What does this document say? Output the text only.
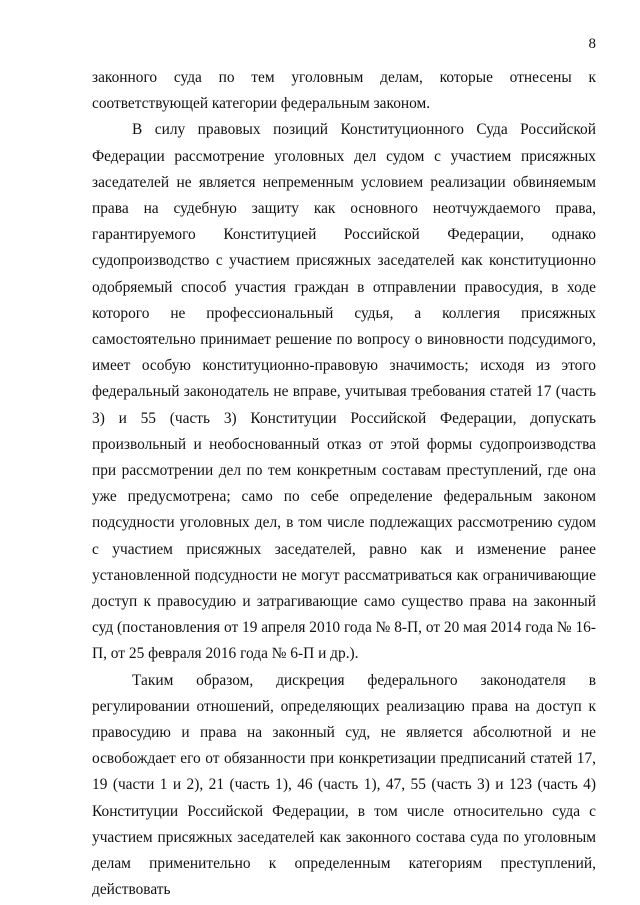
8

законного суда по тем уголовным делам, которые отнесены к соответствующей категории федеральным законом.

В силу правовых позиций Конституционного Суда Российской Федерации рассмотрение уголовных дел судом с участием присяжных заседателей не является непременным условием реализации обвиняемым права на судебную защиту как основного неотчуждаемого права, гарантируемого Конституцией Российской Федерации, однако судопроизводство с участием присяжных заседателей как конституционно одобряемый способ участия граждан в отправлении правосудия, в ходе которого не профессиональный судья, а коллегия присяжных самостоятельно принимает решение по вопросу о виновности подсудимого, имеет особую конституционно-правовую значимость; исходя из этого федеральный законодатель не вправе, учитывая требования статей 17 (часть 3) и 55 (часть 3) Конституции Российской Федерации, допускать произвольный и необоснованный отказ от этой формы судопроизводства при рассмотрении дел по тем конкретным составам преступлений, где она уже предусмотрена; само по себе определение федеральным законом подсудности уголовных дел, в том числе подлежащих рассмотрению судом с участием присяжных заседателей, равно как и изменение ранее установленной подсудности не могут рассматриваться как ограничивающие доступ к правосудию и затрагивающие само существо права на законный суд (постановления от 19 апреля 2010 года № 8-П, от 20 мая 2014 года № 16-П, от 25 февраля 2016 года № 6-П и др.).

Таким образом, дискреция федерального законодателя в регулировании отношений, определяющих реализацию права на доступ к правосудию и права на законный суд, не является абсолютной и не освобождает его от обязанности при конкретизации предписаний статей 17, 19 (части 1 и 2), 21 (часть 1), 46 (часть 1), 47, 55 (часть 3) и 123 (часть 4) Конституции Российской Федерации, в том числе относительно суда с участием присяжных заседателей как законного состава суда по уголовным делам применительно к определенным категориям преступлений, действовать
